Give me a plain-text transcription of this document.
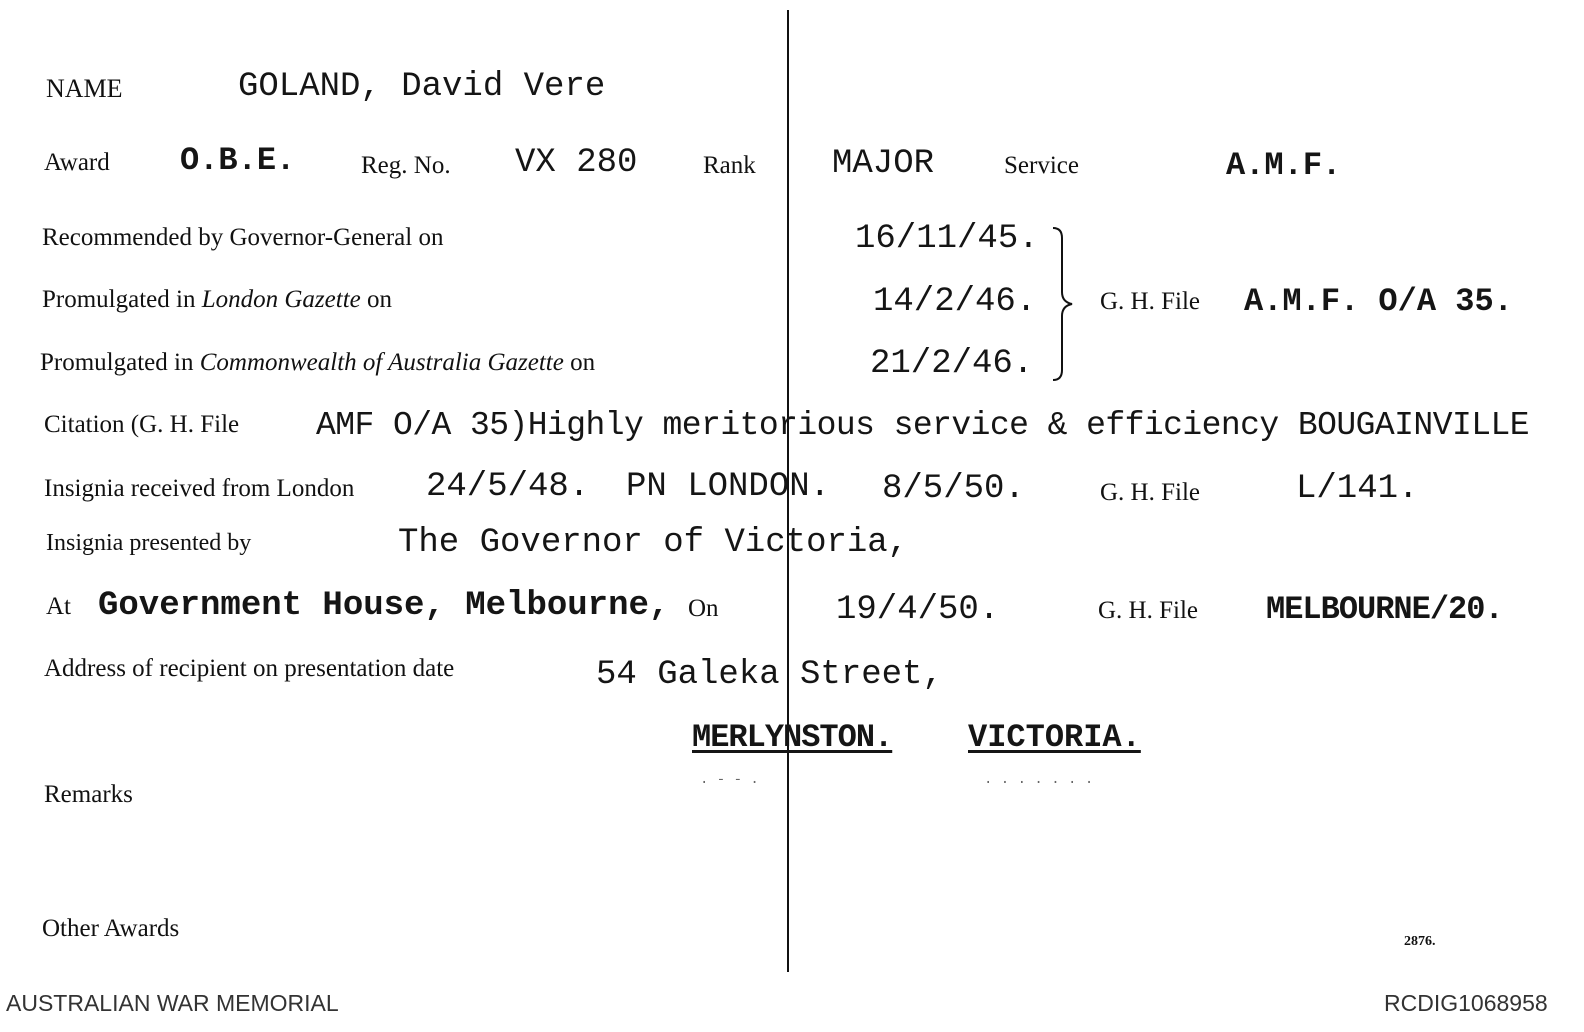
NAME	GOLAND, David Vere
Award O.B.E.	Reg. No. VX 280	Rank MAJOR	Service	A.M.F.
Recommended by Governor-General on	16/11/45.
Promulgated in London Gazette on	14/2/46.	G. H. File A.M.F. O/A 35.
Promulgated in Commonwealth of Australia Gazette on	21/2/46.
Citation (G. H. File AMF O/A 35)Highly meritorious service & efficiency BOUGAINVILLE
Insignia received from London 24/5/48. PN LONDON. 8/5/50.	G. H. File	L/141.
Insignia presented by	The Governor of Victoria,
At Government House, Melbourne, On	19/4/50.	G. H. File MELBOURNE/20.
Address of recipient on presentation date	54 Galeka Street,
MERLYNSTON. VICTORIA.
. - - .	. . . . . . .
Remarks
Other Awards	2876.
AUSTRALIAN WAR MEMORIAL	RCDIG1068958
